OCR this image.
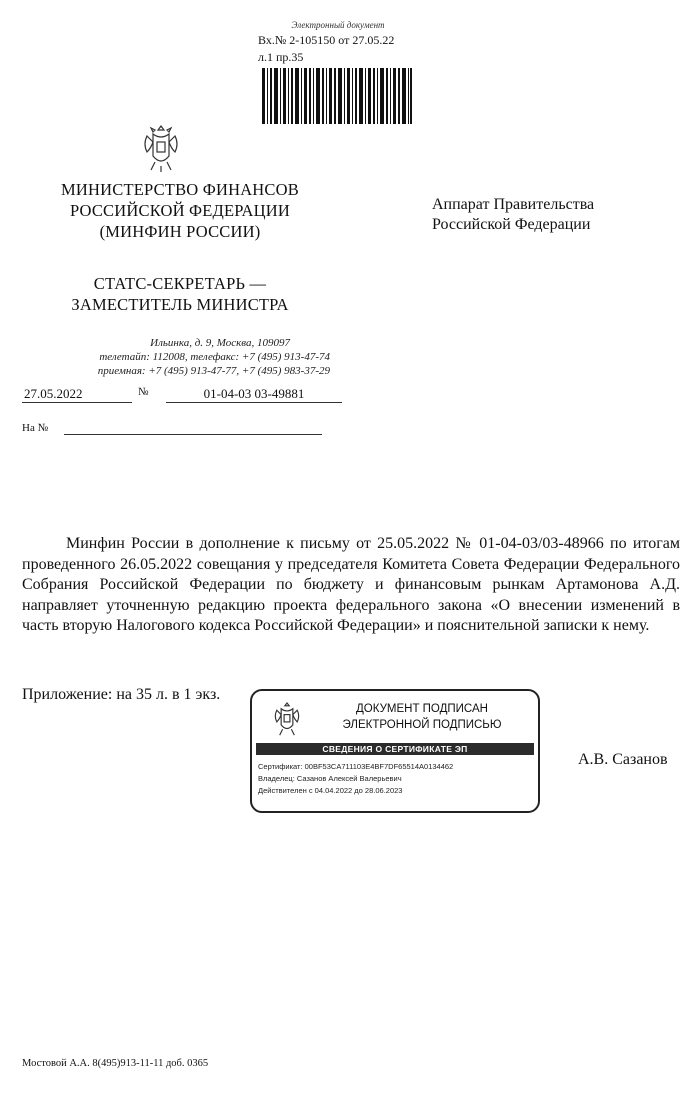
Электронный документ
Вх.№ 2-105150 от 27.05.22
л.1 пр.35
МИНИСТЕРСТВО ФИНАНСОВ
РОССИЙСКОЙ ФЕДЕРАЦИИ
(МИНФИН РОССИИ)
СТАТС-СЕКРЕТАРЬ —
ЗАМЕСТИТЕЛЬ МИНИСТРА
Ильинка, д. 9, Москва, 109097
телетайп: 112008, телефакс: +7 (495) 913-47-74
приемная: +7 (495) 913-47-77, +7 (495) 983-37-29
27.05.2022	№	01-04-03 03-49881
На №
Аппарат Правительства
Российской Федерации
Минфин России в дополнение к письму от 25.05.2022 № 01-04-03/03-48966 по итогам проведенного 26.05.2022 совещания у председателя Комитета Совета Федерации Федерального Собрания Российской Федерации по бюджету и финансовым рынкам Артамонова А.Д. направляет уточненную редакцию проекта федерального закона «О внесении изменений в часть вторую Налогового кодекса Российской Федерации» и пояснительной записки к нему.
Приложение: на 35 л. в 1 экз.
ДОКУМЕНТ ПОДПИСАН
ЭЛЕКТРОННОЙ ПОДПИСЬЮ
СВЕДЕНИЯ О СЕРТИФИКАТЕ ЭП
Сертификат: 00BF53CA711103E4BF7DF65514A0134462
Владелец: Сазанов Алексей Валерьевич
Действителен с 04.04.2022 до 28.06.2023
А.В. Сазанов
Мостовой А.А. 8(495)913-11-11 доб. 0365
